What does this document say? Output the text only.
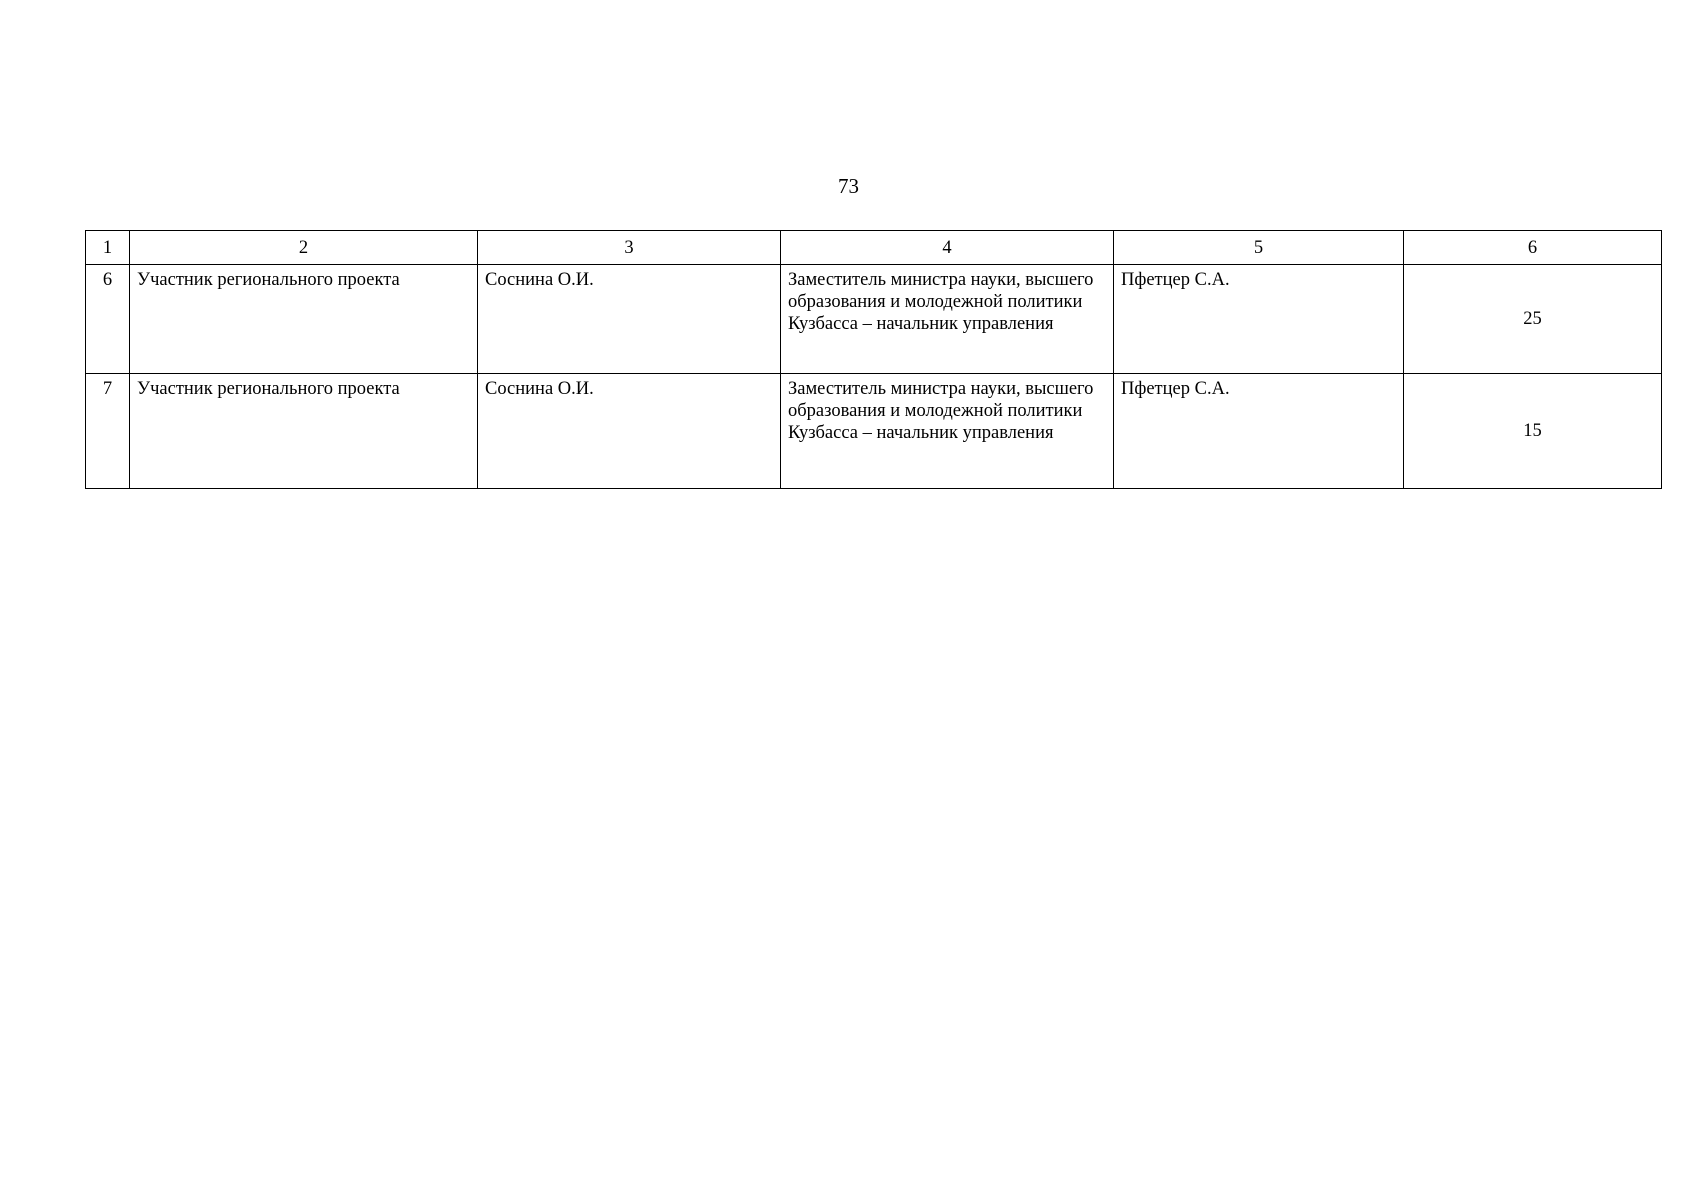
73
1	2	3	4	5	6
6	Участник регионального проекта	Соснина О.И.	Заместитель министра науки, высшего образования и молодежной политики Кузбасса – начальник управления	Пфетцер С.А.	25
7	Участник регионального проекта	Соснина О.И.	Заместитель министра науки, высшего образования и молодежной политики Кузбасса – начальник управления	Пфетцер С.А.	15
